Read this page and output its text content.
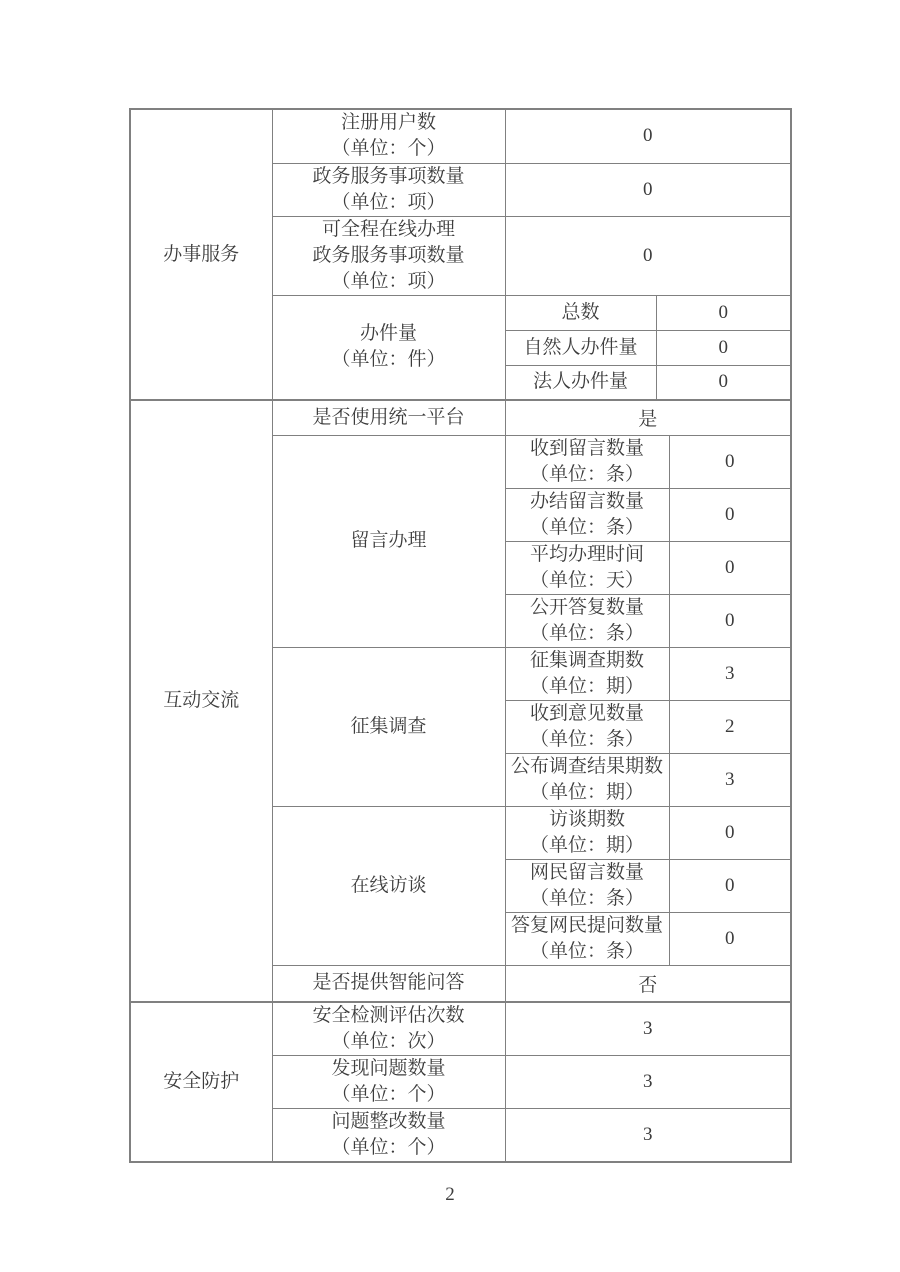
办事服务	注册用户数
（单位：个）	0		

	政务服务事项数量
（单位：项）	0		

	可全程在线办理
政务服务事项数量
（单位：项）	0		

	办件量
（单位：件）	总数	0	

		自然人办件量	0	

		法人办件量	0	

互动交流	是否使用统一平台	是		

	留言办理	收到留言数量
（单位：条）		0

		办结留言数量
（单位：条）		0

		平均办理时间
（单位：天）		0

		公开答复数量
（单位：条）		0

	征集调查	征集调查期数
（单位：期）		3

		收到意见数量
（单位：条）		2

		公布调查结果期数
（单位：期）		3

	在线访谈	访谈期数
（单位：期）		0

		网民留言数量
（单位：条）		0

		答复网民提问数量
（单位：条）		0

	是否提供智能问答	否		

安全防护	安全检测评估次数
（单位：次）	3		

	发现问题数量
（单位：个）	3		

	问题整改数量
（单位：个）	3		
2
